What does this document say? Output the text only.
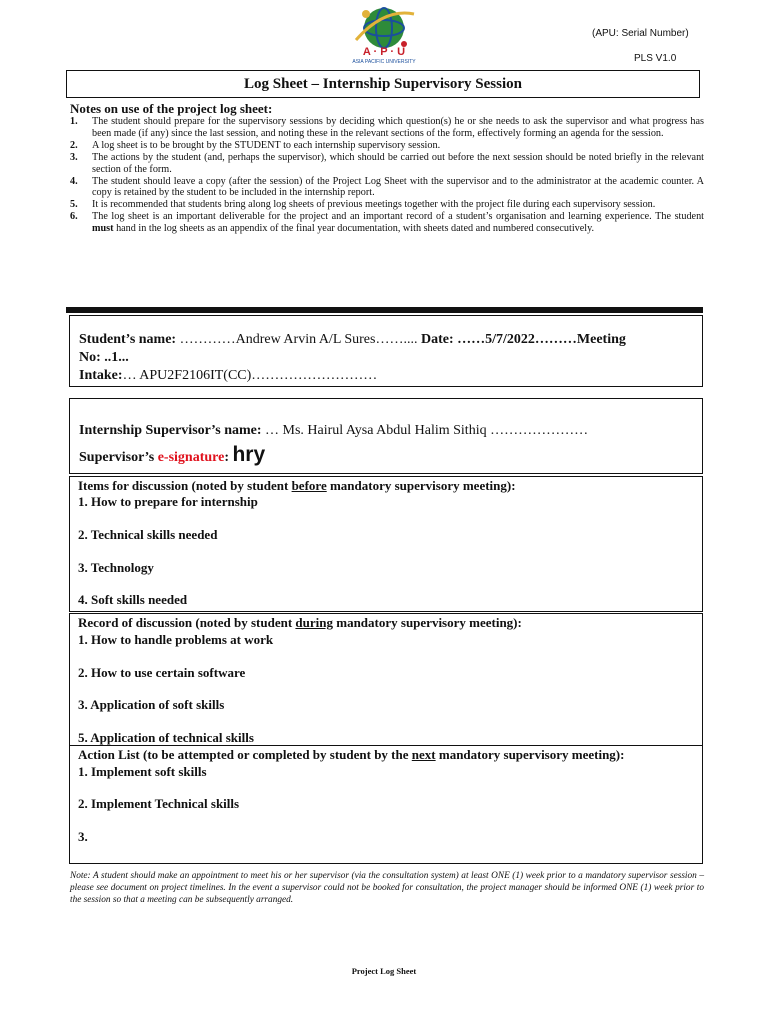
A · P · U
ASIA PACIFIC UNIVERSITY
(APU: Serial Number)
PLS V1.0
Log Sheet – Internship Supervisory Session
Notes on use of the project log sheet:
1.	The student should prepare for the supervisory sessions by deciding which question(s) he or she needs to ask the supervisor and what progress has been made (if any) since the last session, and noting these in the relevant sections of the form, effectively forming an agenda for the session.
2.	A log sheet is to be brought by the STUDENT to each internship supervisory session.
3.	The actions by the student (and, perhaps the supervisor), which should be carried out before the next session should be noted briefly in the relevant section of the form.
4.	The student should leave a copy (after the session) of the Project Log Sheet with the supervisor and to the administrator at the academic counter. A copy is retained by the student to be included in the internship report.
5.	It is recommended that students bring along log sheets of previous meetings together with the project file during each supervisory session.
6.	The log sheet is an important deliverable for the project and an important record of a student’s organisation and learning experience. The student must hand in the log sheets as an appendix of the final year documentation, with sheets dated and numbered consecutively.
Student’s name: …………Andrew Arvin A/L Sures…….... Date: ……5/7/2022………Meeting
No: ..1...
Intake:… APU2F2106IT(CC)………………………
Internship Supervisor’s name: … Ms. Hairul Aysa Abdul Halim Sithiq …………………
Supervisor’s e-signature: hry
Items for discussion (noted by student before mandatory supervisory meeting):
1. How to prepare for internship
2. Technical skills needed
3. Technology
4. Soft skills needed
Record of discussion (noted by student during mandatory supervisory meeting):
1. How to handle problems at work
2. How to use certain software
3. Application of soft skills
5. Application of technical skills
Action List (to be attempted or completed by student by the next mandatory supervisory meeting):
1. Implement soft skills
2. Implement Technical skills
3.
Note: A student should make an appointment to meet his or her supervisor (via the consultation system) at least ONE (1) week prior to a mandatory supervisor session – please see document on project timelines. In the event a supervisor could not be booked for consultation, the project manager should be informed ONE (1) week prior to the session so that a meeting can be subsequently arranged.
Project Log Sheet
